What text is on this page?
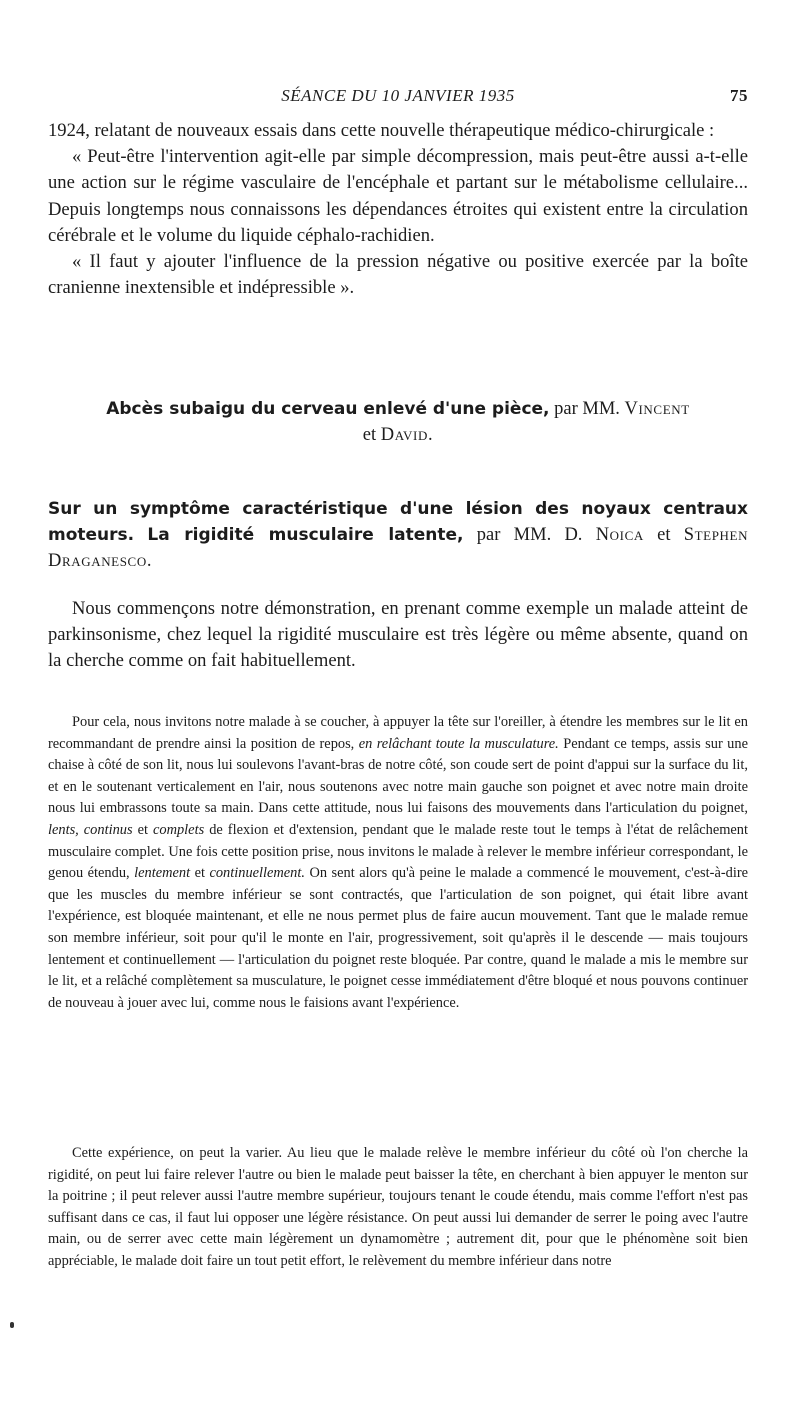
SÉANCE DU 10 JANVIER 1935	75

1924, relatant de nouveaux essais dans cette nouvelle thérapeutique médico-chirurgicale :

« Peut-être l'intervention agit-elle par simple décompression, mais peut-être aussi a-t-elle une action sur le régime vasculaire de l'encéphale et partant sur le métabolisme cellulaire... Depuis longtemps nous connaissons les dépendances étroites qui existent entre la circulation cérébrale et le volume du liquide céphalo-rachidien.

« Il faut y ajouter l'influence de la pression négative ou positive exercée par la boîte cranienne inextensible et indépressible ».

Abcès subaigu du cerveau enlevé d'une pièce, par MM. Vincent
et David.
Sur un symptôme caractéristique d'une lésion des noyaux centraux moteurs. La rigidité musculaire latente, par MM. D. Noica et Stephen Draganesco.

Nous commençons notre démonstration, en prenant comme exemple un malade atteint de parkinsonisme, chez lequel la rigidité musculaire est très légère ou même absente, quand on la cherche comme on fait habituellement.

Pour cela, nous invitons notre malade à se coucher, à appuyer la tête sur l'oreiller, à étendre les membres sur le lit en recommandant de prendre ainsi la position de repos, en relâchant toute la musculature. Pendant ce temps, assis sur une chaise à côté de son lit, nous lui soulevons l'avant-bras de notre côté, son coude sert de point d'appui sur la surface du lit, et en le soutenant verticalement en l'air, nous soutenons avec notre main gauche son poignet et avec notre main droite nous lui embrassons toute sa main. Dans cette attitude, nous lui faisons des mouvements dans l'articulation du poignet, lents, continus et complets de flexion et d'extension, pendant que le malade reste tout le temps à l'état de relâchement musculaire complet. Une fois cette position prise, nous invitons le malade à relever le membre inférieur correspondant, le genou étendu, lentement et continuellement. On sent alors qu'à peine le malade a commencé le mouvement, c'est-à-dire que les muscles du membre inférieur se sont contractés, que l'articulation de son poignet, qui était libre avant l'expérience, est bloquée maintenant, et elle ne nous permet plus de faire aucun mouvement. Tant que le malade remue son membre inférieur, soit pour qu'il le monte en l'air, progressivement, soit qu'après il le descende — mais toujours lentement et continuellement — l'articulation du poignet reste bloquée. Par contre, quand le malade a mis le membre sur le lit, et a relâché complètement sa musculature, le poignet cesse immédiatement d'être bloqué et nous pouvons continuer de nouveau à jouer avec lui, comme nous le faisions avant l'expérience.

Cette expérience, on peut la varier. Au lieu que le malade relève le membre inférieur du côté où l'on cherche la rigidité, on peut lui faire relever l'autre ou bien le malade peut baisser la tête, en cherchant à bien appuyer le menton sur la poitrine ; il peut relever aussi l'autre membre supérieur, toujours tenant le coude étendu, mais comme l'effort n'est pas suffisant dans ce cas, il faut lui opposer une légère résistance. On peut aussi lui demander de serrer le poing avec l'autre main, ou de serrer avec cette main légèrement un dynamomètre ; autrement dit, pour que le phénomène soit bien appréciable, le malade doit faire un tout petit effort, le relèvement du membre inférieur dans notre
